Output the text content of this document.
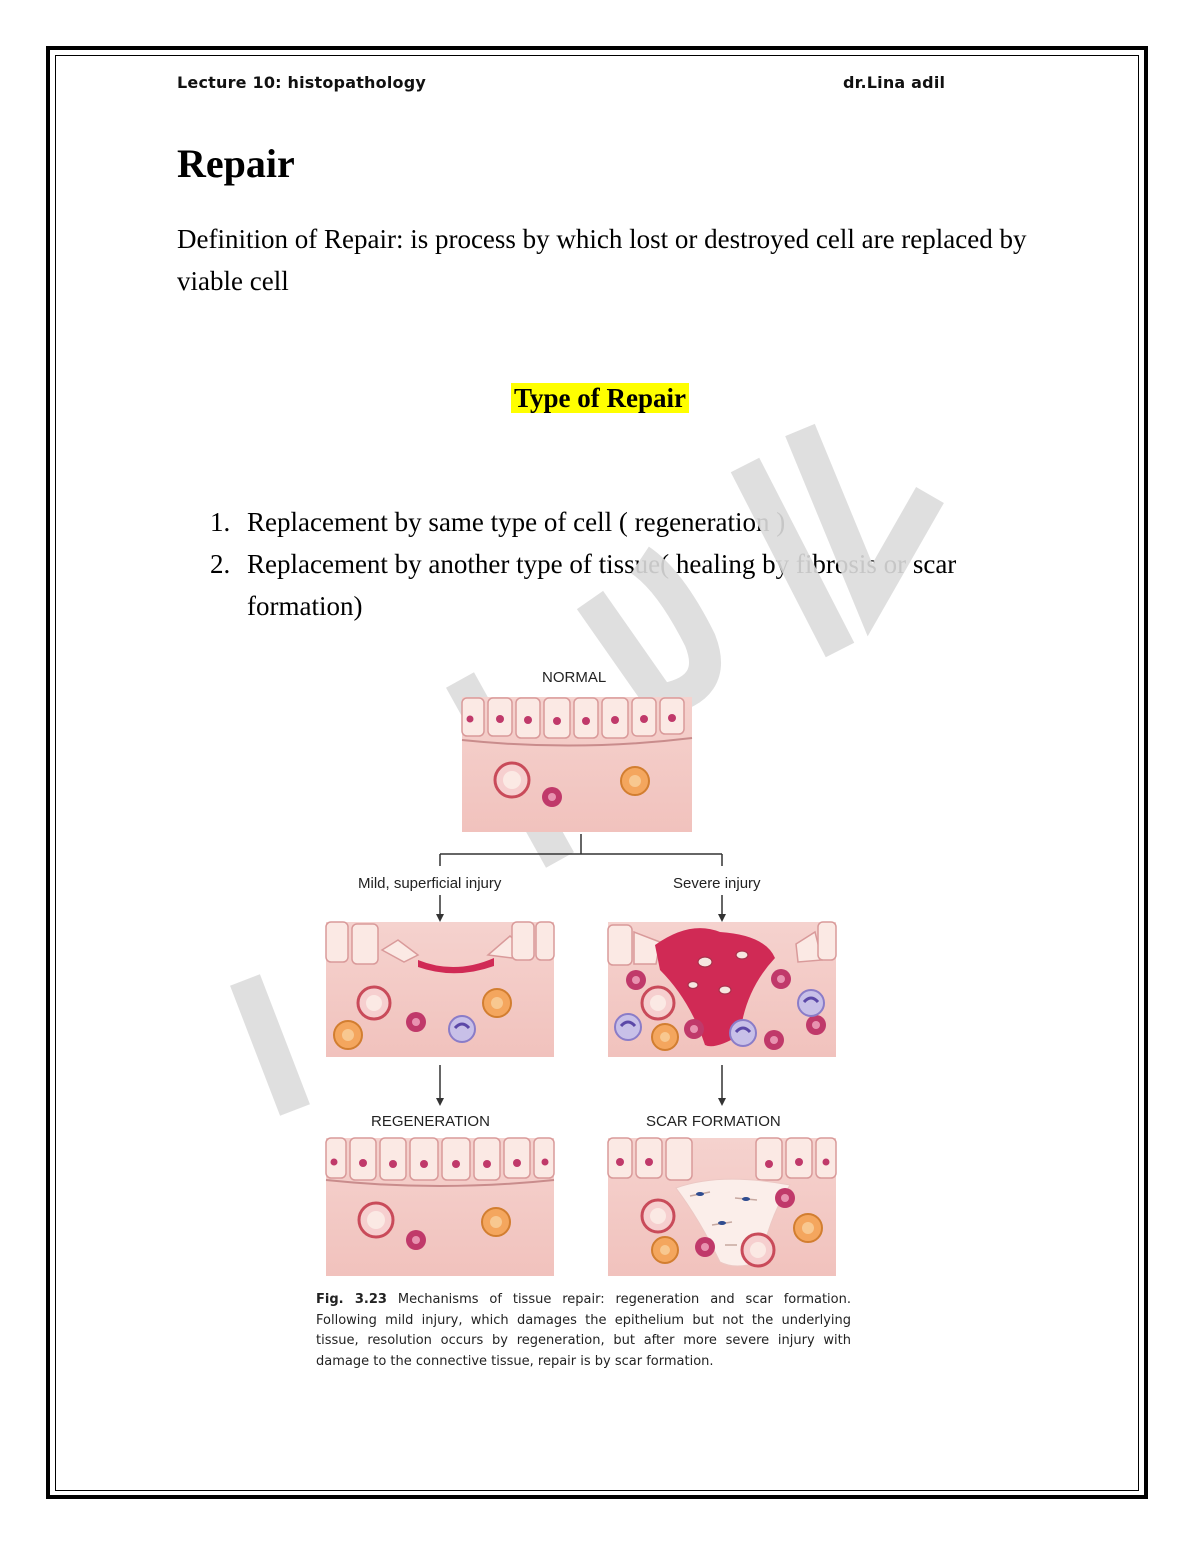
Lecture 10: histopathology	dr.Lina adil
Repair

Definition of Repair: is process by which lost or destroyed cell are replaced by viable cell

Type of Repair
1. Replacement by same type of cell ( regeneration )
2. Replacement by another type of tissue( healing by fibrosis or scar formation)
NORMAL
Mild, superficial injury	Severe injury
REGENERATION	SCAR FORMATION

Fig. 3.23 Mechanisms of tissue repair: regeneration and scar formation. Following mild injury, which damages the epithelium but not the underlying tissue, resolution occurs by regeneration, but after more severe injury with damage to the connective tissue, repair is by scar formation.
